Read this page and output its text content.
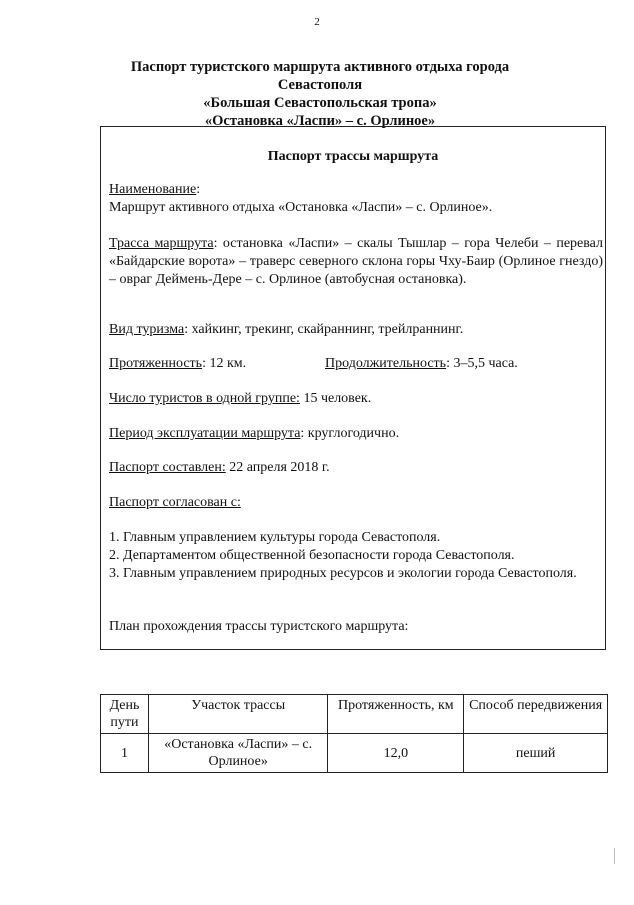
2
Паспорт туристского маршрута активного отдыха города Севастополя
«Большая Севастопольская тропа»
«Остановка «Ласпи» – с. Орлиное»
Паспорт трассы маршрута
Наименование:
Маршрут активного отдыха «Остановка «Ласпи» – с. Орлиное».
Трасса маршрута: остановка «Ласпи» – скалы Тышлар – гора Челеби – перевал «Байдарские ворота» – траверс северного склона горы Чху-Баир (Орлиное гнездо) – овраг Деймень-Дере – с. Орлиное (автобусная остановка).
Вид туризма: хайкинг, трекинг, скайраннинг, трейлраннинг.
Протяженность: 12 км.	Продолжительность: 3–5,5 часа.
Число туристов в одной группе: 15 человек.
Период эксплуатации маршрута: круглогодично.
Паспорт составлен: 22 апреля 2018 г.
Паспорт согласован с:
1. Главным управлением культуры города Севастополя.
2. Департаментом общественной безопасности города Севастополя.
3. Главным управлением природных ресурсов и экологии города Севастополя.
План прохождения трассы туристского маршрута:
День пути	Участок трассы	Протяженность, км	Способ передвижения
1	«Остановка «Ласпи» – с. Орлиное»	12,0	пеший
